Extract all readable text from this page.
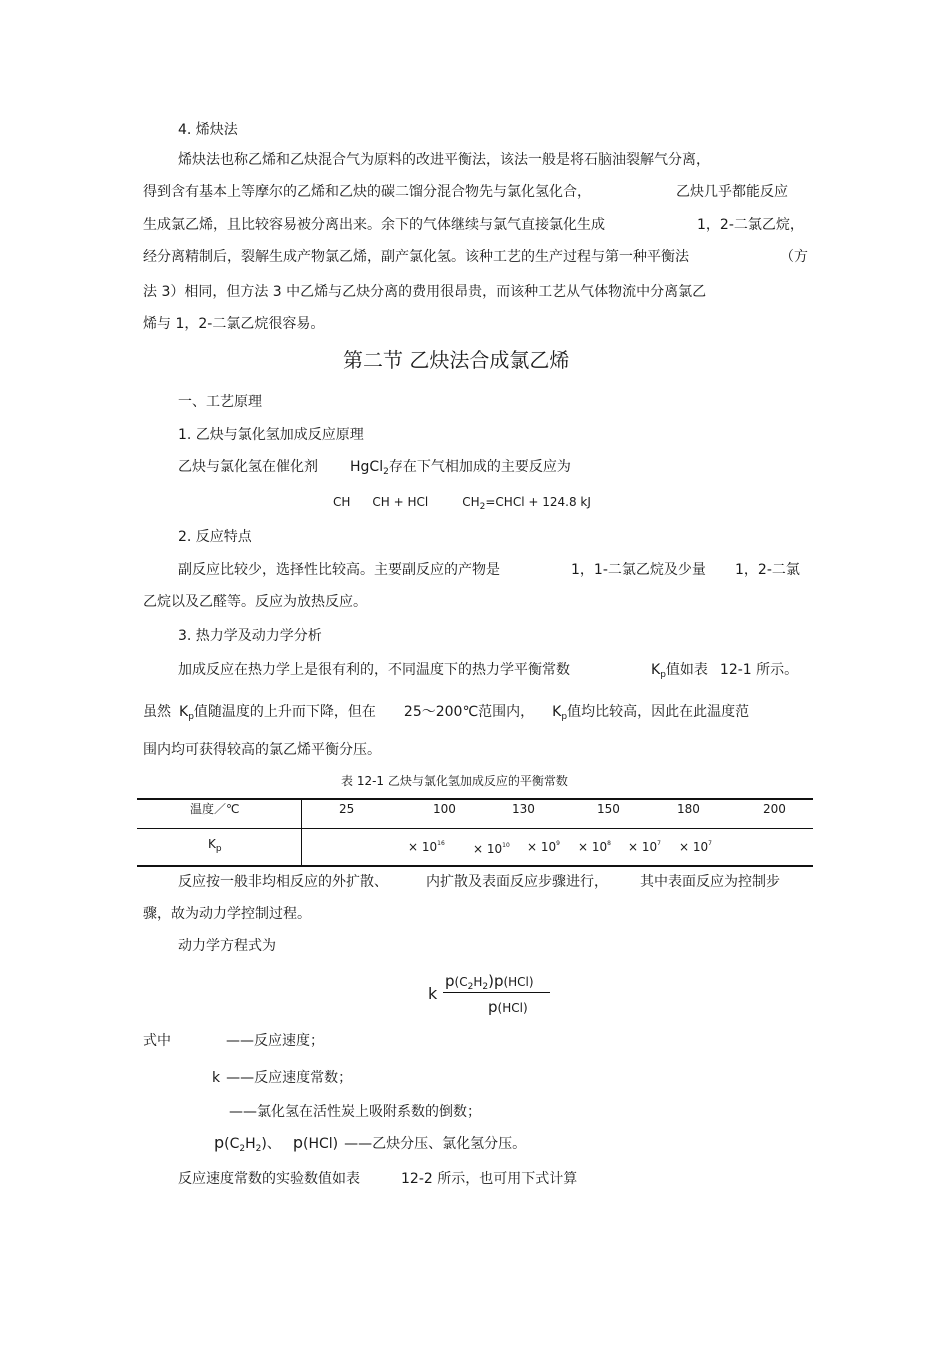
4. 烯炔法
烯炔法也称乙烯和乙炔混合气为原料的改进平衡法，该法一般是将石脑油裂解气分离，
得到含有基本上等摩尔的乙烯和乙炔的碳二馏分混合物先与氯化氢化合，	乙炔几乎都能反应
生成氯乙烯，且比较容易被分离出来。余下的气体继续与氯气直接氯化生成	1，2-二氯乙烷，
经分离精制后，裂解生成产物氯乙烯，副产氯化氢。该种工艺的生产过程与第一种平衡法	（方
法 3）相同，但方法 3 中乙烯与乙炔分离的费用很昂贵，而该种工艺从气体物流中分离氯乙
烯与 1，2-二氯乙烷很容易。
第二节 乙炔法合成氯乙烯
一、工艺原理
1. 乙炔与氯化氢加成反应原理
乙炔与氯化氢在催化剂 HgCl$_2$存在下气相加成的主要反应为
CH CH + HCl	$CH_2=CHCl + 124.8$ kJ
2. 反应特点
副反应比较少，选择性比较高。主要副反应的产物是	1，1-二氯乙烷及少量 1，2-二氯
乙烷以及乙醛等。反应为放热反应。
3. 热力学及动力学分析
加成反应在热力学上是很有利的，不同温度下的热力学平衡常数	$K_p$值如表 12-1 所示。
虽然 $K_p$值随温度的上升而下降，但在 25～200℃范围内， $K_p$值均比较高，因此在此温度范
围内均可获得较高的氯乙烯平衡分压。
表 12-1 乙炔与氯化氢加成反应的平衡常数
温度／℃	25	100	130	150	180	200
$K_p$	× $10^{16} \times 10^{10} \times 10^9 \times 10^8 \times 10^7 \times 10^7$
反应按一般非均相反应的外扩散、	内扩散及表面反应步骤进行， 其中表面反应为控制步
骤，故为动力学控制过程。
动力学方程式为
k
$p(C_2H_2)p(HCl)$
p(HCl)
式中	——反应速度；
k ——反应速度常数；
——氯化氢在活性炭上吸附系数的倒数；
$p(C_2H_2)$、 p(HCl) ——乙炔分压、氯化氢分压。
反应速度常数的实验数值如表	12-2 所示，也可用下式计算
